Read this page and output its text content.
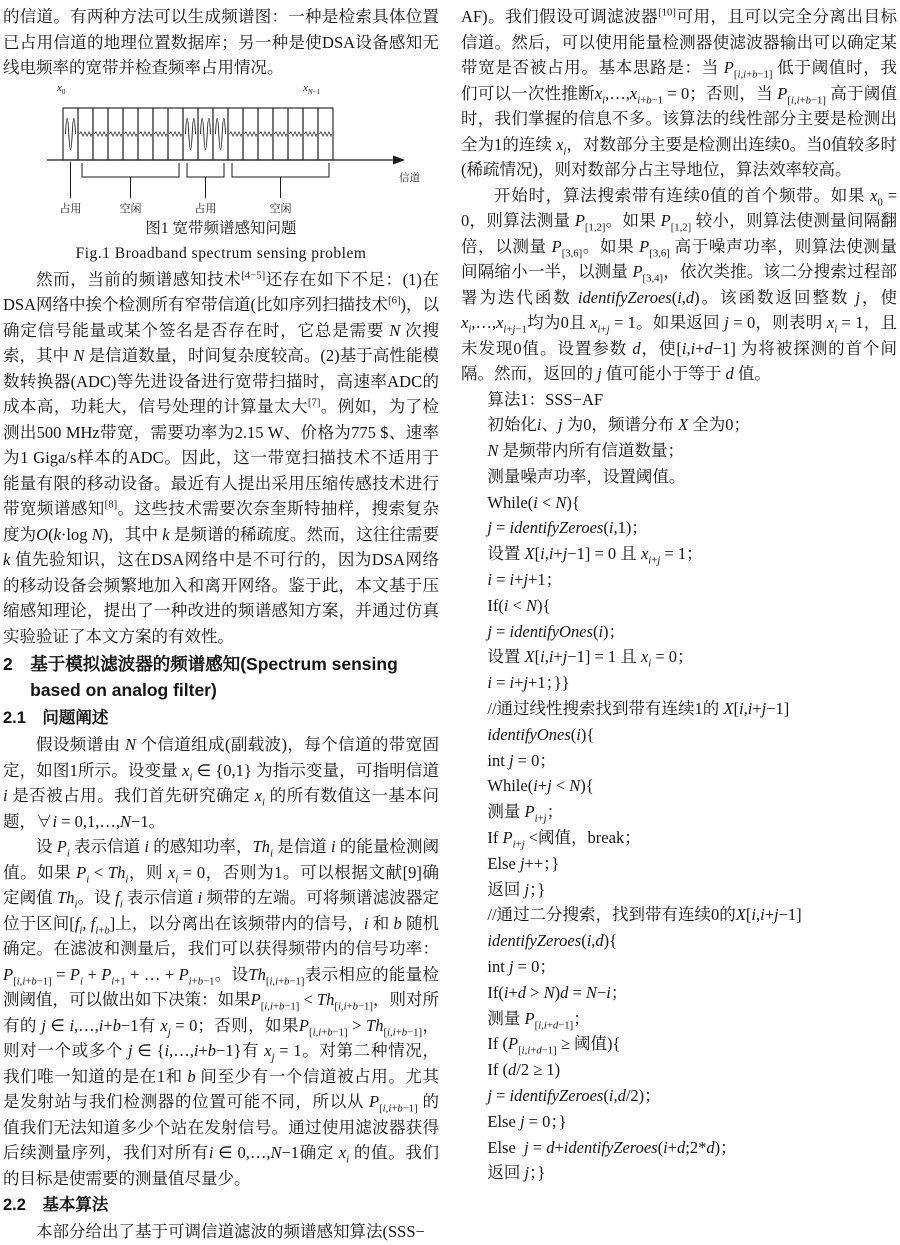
的信道。有两种方法可以生成频谱图：一种是检索具体位置已占用信道的地理位置数据库；另一种是使DSA设备感知无线电频率的宽带并检查频率占用情况。

$x_0$	$x_{N-1}$
占用	空闲	占用	空闲
信道

图1 宽带频谱感知问题

Fig.1 Broadband spectrum sensing problem

然而，当前的频谱感知技术[4−5]还存在如下不足：(1)在DSA网络中挨个检测所有窄带信道(比如序列扫描技术[6])，以确定信号能量或某个签名是否存在时，它总是需要 N 次搜索，其中 N 是信道数量，时间复杂度较高。(2)基于高性能模数转换器(ADC)等先进设备进行宽带扫描时，高速率ADC的成本高，功耗大，信号处理的计算量太大[7]。例如，为了检测出500 MHz带宽，需要功率为2.15 W、价格为775 $、速率为1 Giga/s样本的ADC。因此，这一带宽扫描技术不适用于能量有限的移动设备。最近有人提出采用压缩传感技术进行带宽频谱感知[8]。这些技术需要次奈奎斯特抽样，搜索复杂度为O(k·log N)，其中 k 是频谱的稀疏度。然而，这往往需要 k 值先验知识，这在DSA网络中是不可行的，因为DSA网络的移动设备会频繁地加入和离开网络。鉴于此，本文基于压缩感知理论，提出了一种改进的频谱感知方案，并通过仿真实验验证了本文方案的有效性。

2　基于模拟滤波器的频谱感知(Spectrum sensing based on analog filter)
2.1　问题阐述

假设频谱由 N 个信道组成(副载波)，每个信道的带宽固定，如图1所示。设变量 $x_i$ ∈ {0,1} 为指示变量，可指明信道 i 是否被占用。我们首先研究确定 $x_i$ 的所有数值这一基本问题，∀i = 0,1,…,N−1。

设 $P_i$ 表示信道 i 的感知功率，$Th_i$ 是信道 i 的能量检测阈值。如果 $P_i < Th_i$，则 $x_i = 0$，否则为1。可以根据文献[9]确定阈值 $Th_i$。设 $f_i$ 表示信道 i 频带的左端。可将频谱滤波器定位于区间[$f_i$, $f_{i+b}$]上，以分离出在该频带内的信号，i 和 b 随机确定。在滤波和测量后，我们可以获得频带内的信号功率：$P_{[i,i+b-1]} = P_i + P_{i+1}$ + … + $P_{i+b-1}$。设$Th_{[i,i+b-1]}$表示相应的能量检测阈值，可以做出如下决策：如果$P_{[i,i+b-1]} < Th_{[i,i+b-1]}$，则对所有的 j ∈ i,…,i+b−1有 $x_j = 0$；否则，如果$P_{[i,i+b-1]} > Th_{[i,i+b-1]}$，则对一个或多个 j ∈ {i,…,i+b−1}有 $x_j = 1$。对第二种情况，我们唯一知道的是在1和 b 间至少有一个信道被占用。尤其是发射站与我们检测器的位置可能不同，所以从 $P_{[i,i+b-1]}$ 的值我们无法知道多少个站在发射信号。通过使用滤波器获得后续测量序列，我们对所有i ∈ 0,…,N−1确定 $x_i$ 的值。我们的目标是使需要的测量值尽量少。

2.2　基本算法

本部分给出了基于可调信道滤波的频谱感知算法(SSS−

AF)。我们假设可调滤波器[10]可用，且可以完全分离出目标信道。然后，可以使用能量检测器使滤波器输出可以确定某带宽是否被占用。基本思路是：当 $P_{[i,i+b-1]}$ 低于阈值时，我们可以一次性推断$x_i,\dots,x_{i+b-1} = 0$；否则，当 $P_{[i,i+b-1]}$ 高于阈值时，我们掌握的信息不多。该算法的线性部分主要是检测出全为1的连续 $x_i$，对数部分主要是检测出连续0。当0值较多时(稀疏情况)，则对数部分占主导地位，算法效率较高。

开始时，算法搜索带有连续0值的首个频带。如果 $x_0 = 0$，则算法测量 $P_{[1,2]}$。如果 $P_{[1,2]}$ 较小，则算法使测量间隔翻倍，以测量 $P_{[3,6]}$。如果 $P_{[3,6]}$ 高于噪声功率，则算法使测量间隔缩小一半，以测量 $P_{[3,4]}$，依次类推。该二分搜索过程部署为迭代函数 identifyZeroes(i,d)。该函数返回整数 j，使$x_i,\dots,x_{i+j-1}$均为0且 $x_{i+j} = 1$。如果返回 j = 0，则表明 $x_i = 1$，且未发现0值。设置参数 d，使[i,i+d−1] 为将被探测的首个间隔。然而，返回的 j 值可能小于等于 d 值。

算法1：SSS−AF
初始化i、j 为0，频谱分布 X 全为0；
N 是频带内所有信道数量；
测量噪声功率，设置阈值。
While(i < N){
j = identifyZeroes(i,1)；
设置 X[i,i+j−1] = 0 且 $x_{i+j} = 1$；
i = i+j+1；
If(i < N){
j = identifyOnes(i)；
设置 X[i,i+j−1] = 1 且 $x_i = 0$；
i = i+j+1；}}
//通过线性搜索找到带有连续1的 X[i,i+j−1]
identifyOnes(i){
int j = 0；
While(i+j < N){
测量 $P_{i+j}$；
If $P_{i+j}$ <阈值，break；
Else j++；}
返回 j；}
//通过二分搜索，找到带有连续0的X[i,i+j−1]
identifyZeroes(i,d){
int j = 0；
If(i+d > N)d = N−i；
测量 $P_{[i,i+d-1]}$；
If ($P_{[i,i+d-1]}$ ≥ 阈值){
If (d/2 ≥ 1)
j = identifyZeroes(i,d/2)；
Else j = 0；}
Else  j = d+identifyZeroes(i+d;2*d)；
返回 j；}
